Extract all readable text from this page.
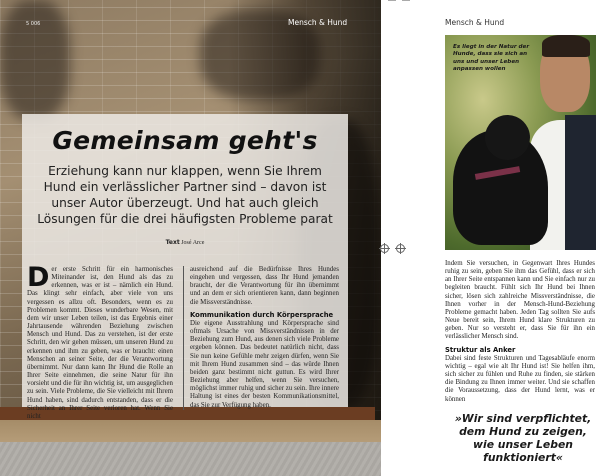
5 006	Mensch & Hund
Gemeinsam geht's

Erziehung kann nur klappen, wenn Sie Ihrem Hund ein verlässlicher Partner sind – davon ist unser Autor überzeugt. Und hat auch gleich Lösungen für die drei häufigsten Probleme parat

Text José Arce

Der erste Schritt für ein harmonisches Miteinander ist, den Hund als das zu erkennen, was er ist – nämlich ein Hund. Das klingt sehr einfach, aber viele von uns vergessen es allzu oft. Besonders, wenn es zu Problemen kommt. Dieses wunderbare Wesen, mit dem wir unser Leben teilen, ist das Ergebnis einer Jahrtausende währenden Beziehung zwischen Mensch und Hund. Das zu verstehen, ist der erste Schritt, den wir gehen müssen, um unseren Hund zu erkennen und ihm zu geben, was er braucht: einen Menschen an seiner Seite, der die Verantwortung übernimmt. Nur dann kann Ihr Hund die Rolle an Ihrer Seite einnehmen, die seine Natur für ihn vorsieht und die für ihn wichtig ist, um ausgeglichen zu sein. Viele Probleme, die Sie vielleicht mit Ihrem Hund haben, sind dadurch entstanden, dass er die Sicherheit an Ihrer Seite verloren hat. Wenn Sie nicht

ausreichend auf die Bedürfnisse Ihres Hundes eingehen und vergessen, dass Ihr Hund jemanden braucht, der die Verantwortung für ihn übernimmt und an dem er sich orientieren kann, dann beginnen die Missverständnisse.

Kommunikation durch Körpersprache

Die eigene Ausstrahlung und Körpersprache sind oftmals Ursache von Missverständnissen in der Beziehung zum Hund, aus denen sich viele Probleme ergeben können. Das bedeutet natürlich nicht, dass Sie nun keine Gefühle mehr zeigen dürfen, wenn Sie mit Ihrem Hund zusammen sind – das würde Ihnen beiden ganz bestimmt nicht guttun. Es wird Ihrer Beziehung aber helfen, wenn Sie versuchen, möglichst immer ruhig und sicher zu sein. Ihre innere Haltung ist eines der besten Kommunikationsmittel, das Sie zur Verfügung haben.

Mensch & Hund

Es liegt in der Natur der Hunde, dass sie sich an uns und unser Leben anpassen wollen

Indem Sie versuchen, in Gegenwart Ihres Hundes ruhig zu sein, geben Sie ihm das Gefühl, dass er sich an Ihrer Seite entspannen kann und Sie einfach nur zu begleiten braucht. Fühlt sich Ihr Hund bei Ihnen sicher, lösen sich zahlreiche Missverständnisse, die Ihnen vorher in der Mensch-Hund-Beziehung Probleme gemacht haben. Jeden Tag sollten Sie aufs Neue bereit sein, Ihrem Hund klare Strukturen zu geben. Nur so versteht er, dass Sie für ihn ein verlässlicher Mensch sind.

Struktur als Anker

Dabei sind feste Strukturen und Tagesabläufe enorm wichtig – egal wie alt Ihr Hund ist! Sie helfen ihm, sich sicher zu fühlen und Ruhe zu finden, sie stärken die Bindung zu Ihnen immer weiter. Und sie schaffen die Voraussetzung, dass der Hund lernt, was er können

»Wir sind verpflichtet, dem Hund zu zeigen, wie unser Leben funktioniert«
